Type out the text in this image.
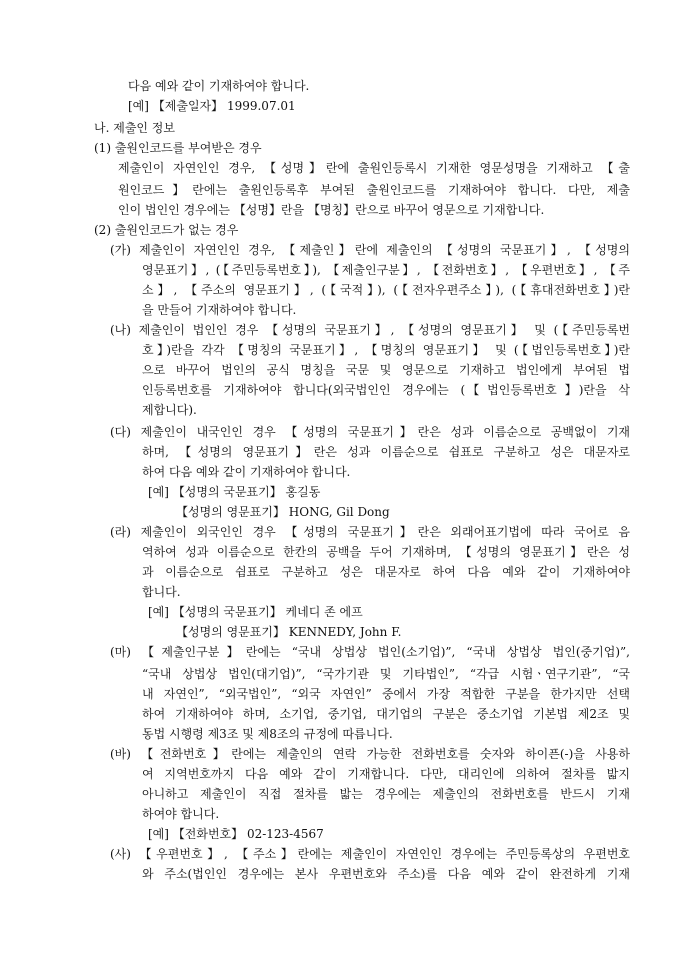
다음 예와 같이 기재하여야 합니다.
[예] 【제출일자】 1999.07.01
나. 제출인 정보
(1) 출원인코드를 부여받은 경우
제출인이 자연인인 경우, 【성명】란에 출원인등록시 기재한 영문성명을 기재하고 【출
원인코드】란에는 출원인등록후 부여된 출원인코드를 기재하여야 합니다. 다만, 제출
인이 법인인 경우에는 【성명】란을 【명칭】란으로 바꾸어 영문으로 기재합니다.
(2) 출원인코드가 없는 경우
(가) 제출인이 자연인인 경우, 【제출인】란에 제출인의 【성명의 국문표기】, 【성명의
영문표기】, (【주민등록번호】), 【제출인구분】, 【전화번호】, 【우편번호】, 【주
소】, 【주소의 영문표기】, (【국적】), (【전자우편주소】), (【휴대전화번호】)란
을 만들어 기재하여야 합니다.
(나) 제출인이 법인인 경우 【성명의 국문표기】, 【성명의 영문표기】 및 (【주민등록번
호】)란을 각각 【명칭의 국문표기】, 【명칭의 영문표기】 및 (【법인등록번호】)란
으로 바꾸어 법인의 공식 명칭을 국문 및 영문으로 기재하고 법인에게 부여된 법
인등록번호를 기재하여야 합니다(외국법인인 경우에는 (【법인등록번호】)란을 삭
제합니다).
(다) 제출인이 내국인인 경우 【성명의 국문표기】란은 성과 이름순으로 공백없이 기재
하며, 【성명의 영문표기】란은 성과 이름순으로 쉼표로 구분하고 성은 대문자로
하여 다음 예와 같이 기재하여야 합니다.
[예] 【성명의 국문표기】 홍길동
【성명의 영문표기】 HONG, Gil Dong
(라) 제출인이 외국인인 경우 【성명의 국문표기】란은 외래어표기법에 따라 국어로 음
역하여 성과 이름순으로 한칸의 공백을 두어 기재하며, 【성명의 영문표기】란은 성
과 이름순으로 쉼표로 구분하고 성은 대문자로 하여 다음 예와 같이 기재하여야
합니다.
[예] 【성명의 국문표기】 케네디 존 에프
【성명의 영문표기】 KENNEDY, John F.
(마) 【제출인구분】란에는 “국내 상법상 법인(소기업)”, “국내 상법상 법인(중기업)”,
“국내 상법상 법인(대기업)”, “국가기관 및 기타법인”, “각급 시험ㆍ연구기관”, “국
내 자연인”, “외국법인”, “외국 자연인” 중에서 가장 적합한 구분을 한가지만 선택
하여 기재하여야 하며, 소기업, 중기업, 대기업의 구분은 중소기업 기본법 제2조 및
동법 시행령 제3조 및 제8조의 규정에 따릅니다.
(바) 【전화번호】란에는 제출인의 연락 가능한 전화번호를 숫자와 하이픈(-)을 사용하
여 지역번호까지 다음 예와 같이 기재합니다. 다만, 대리인에 의하여 절차를 밟지
아니하고 제출인이 직접 절차를 밟는 경우에는 제출인의 전화번호를 반드시 기재
하여야 합니다.
[예] 【전화번호】 02-123-4567
(사) 【우편번호】, 【주소】란에는 제출인이 자연인인 경우에는 주민등록상의 우편번호
와 주소(법인인 경우에는 본사 우편번호와 주소)를 다음 예와 같이 완전하게 기재
